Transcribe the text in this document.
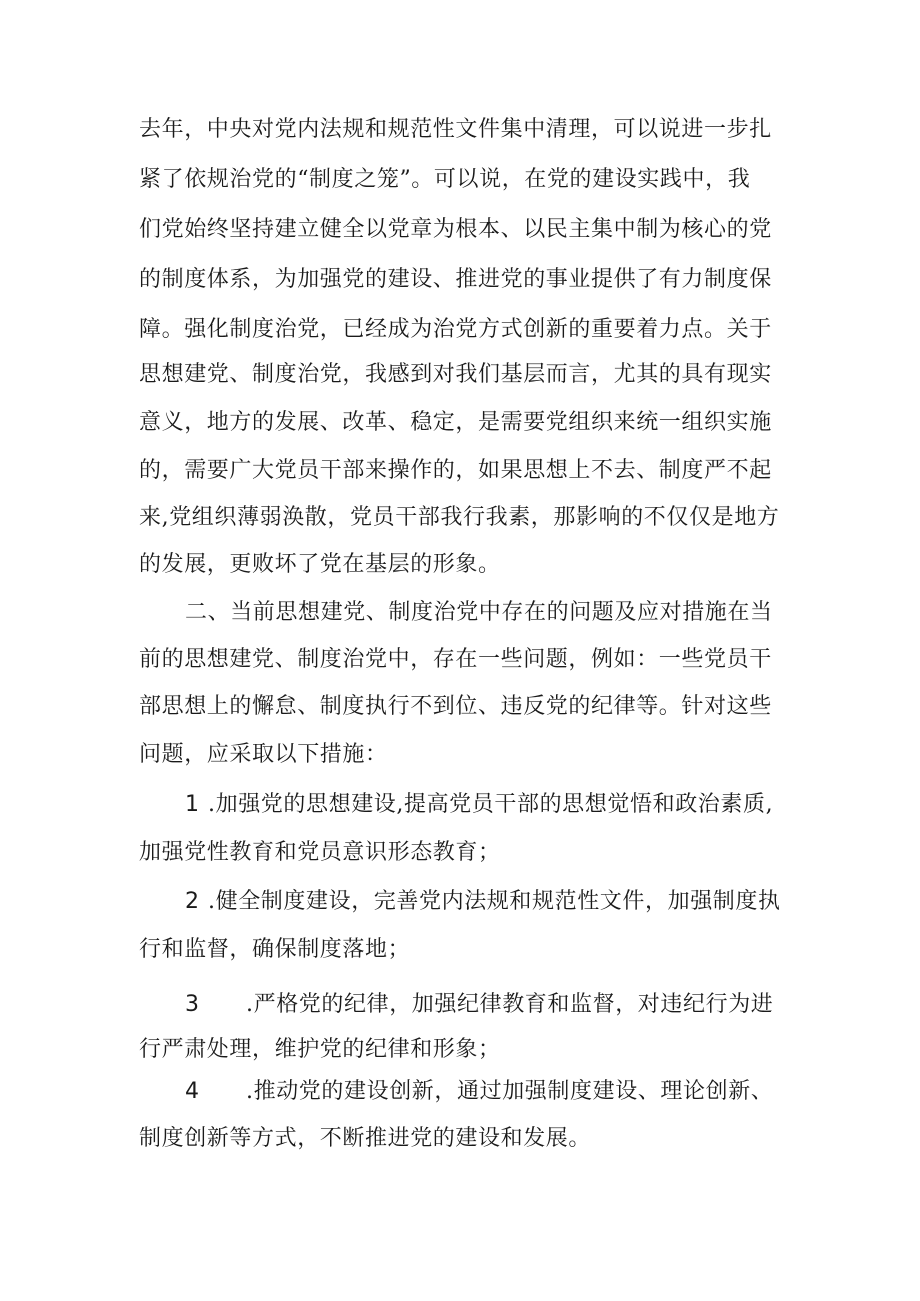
去年，中央对党内法规和规范性文件集中清理，可以说进一步扎
紧了依规治党的“制度之笼”。可以说，在党的建设实践中，我
们党始终坚持建立健全以党章为根本、以民主集中制为核心的党
的制度体系，为加强党的建设、推进党的事业提供了有力制度保
障。强化制度治党，已经成为治党方式创新的重要着力点。关于
思想建党、制度治党，我感到对我们基层而言，尤其的具有现实
意义，地方的发展、改革、稳定，是需要党组织来统一组织实施
的，需要广大党员干部来操作的，如果思想上不去、制度严不起
来,党组织薄弱涣散，党员干部我行我素，那影响的不仅仅是地方
的发展，更败坏了党在基层的形象。
二、当前思想建党、制度治党中存在的问题及应对措施在当
前的思想建党、制度治党中，存在一些问题，例如：一些党员干
部思想上的懈怠、制度执行不到位、违反党的纪律等。针对这些
问题，应采取以下措施：
1 .加强党的思想建设,提高党员干部的思想觉悟和政治素质,
加强党性教育和党员意识形态教育；
2 .健全制度建设，完善党内法规和规范性文件，加强制度执
行和监督，确保制度落地；
3 .严格党的纪律，加强纪律教育和监督，对违纪行为进
行严肃处理，维护党的纪律和形象；
4 .推动党的建设创新，通过加强制度建设、理论创新、
制度创新等方式，不断推进党的建设和发展。
